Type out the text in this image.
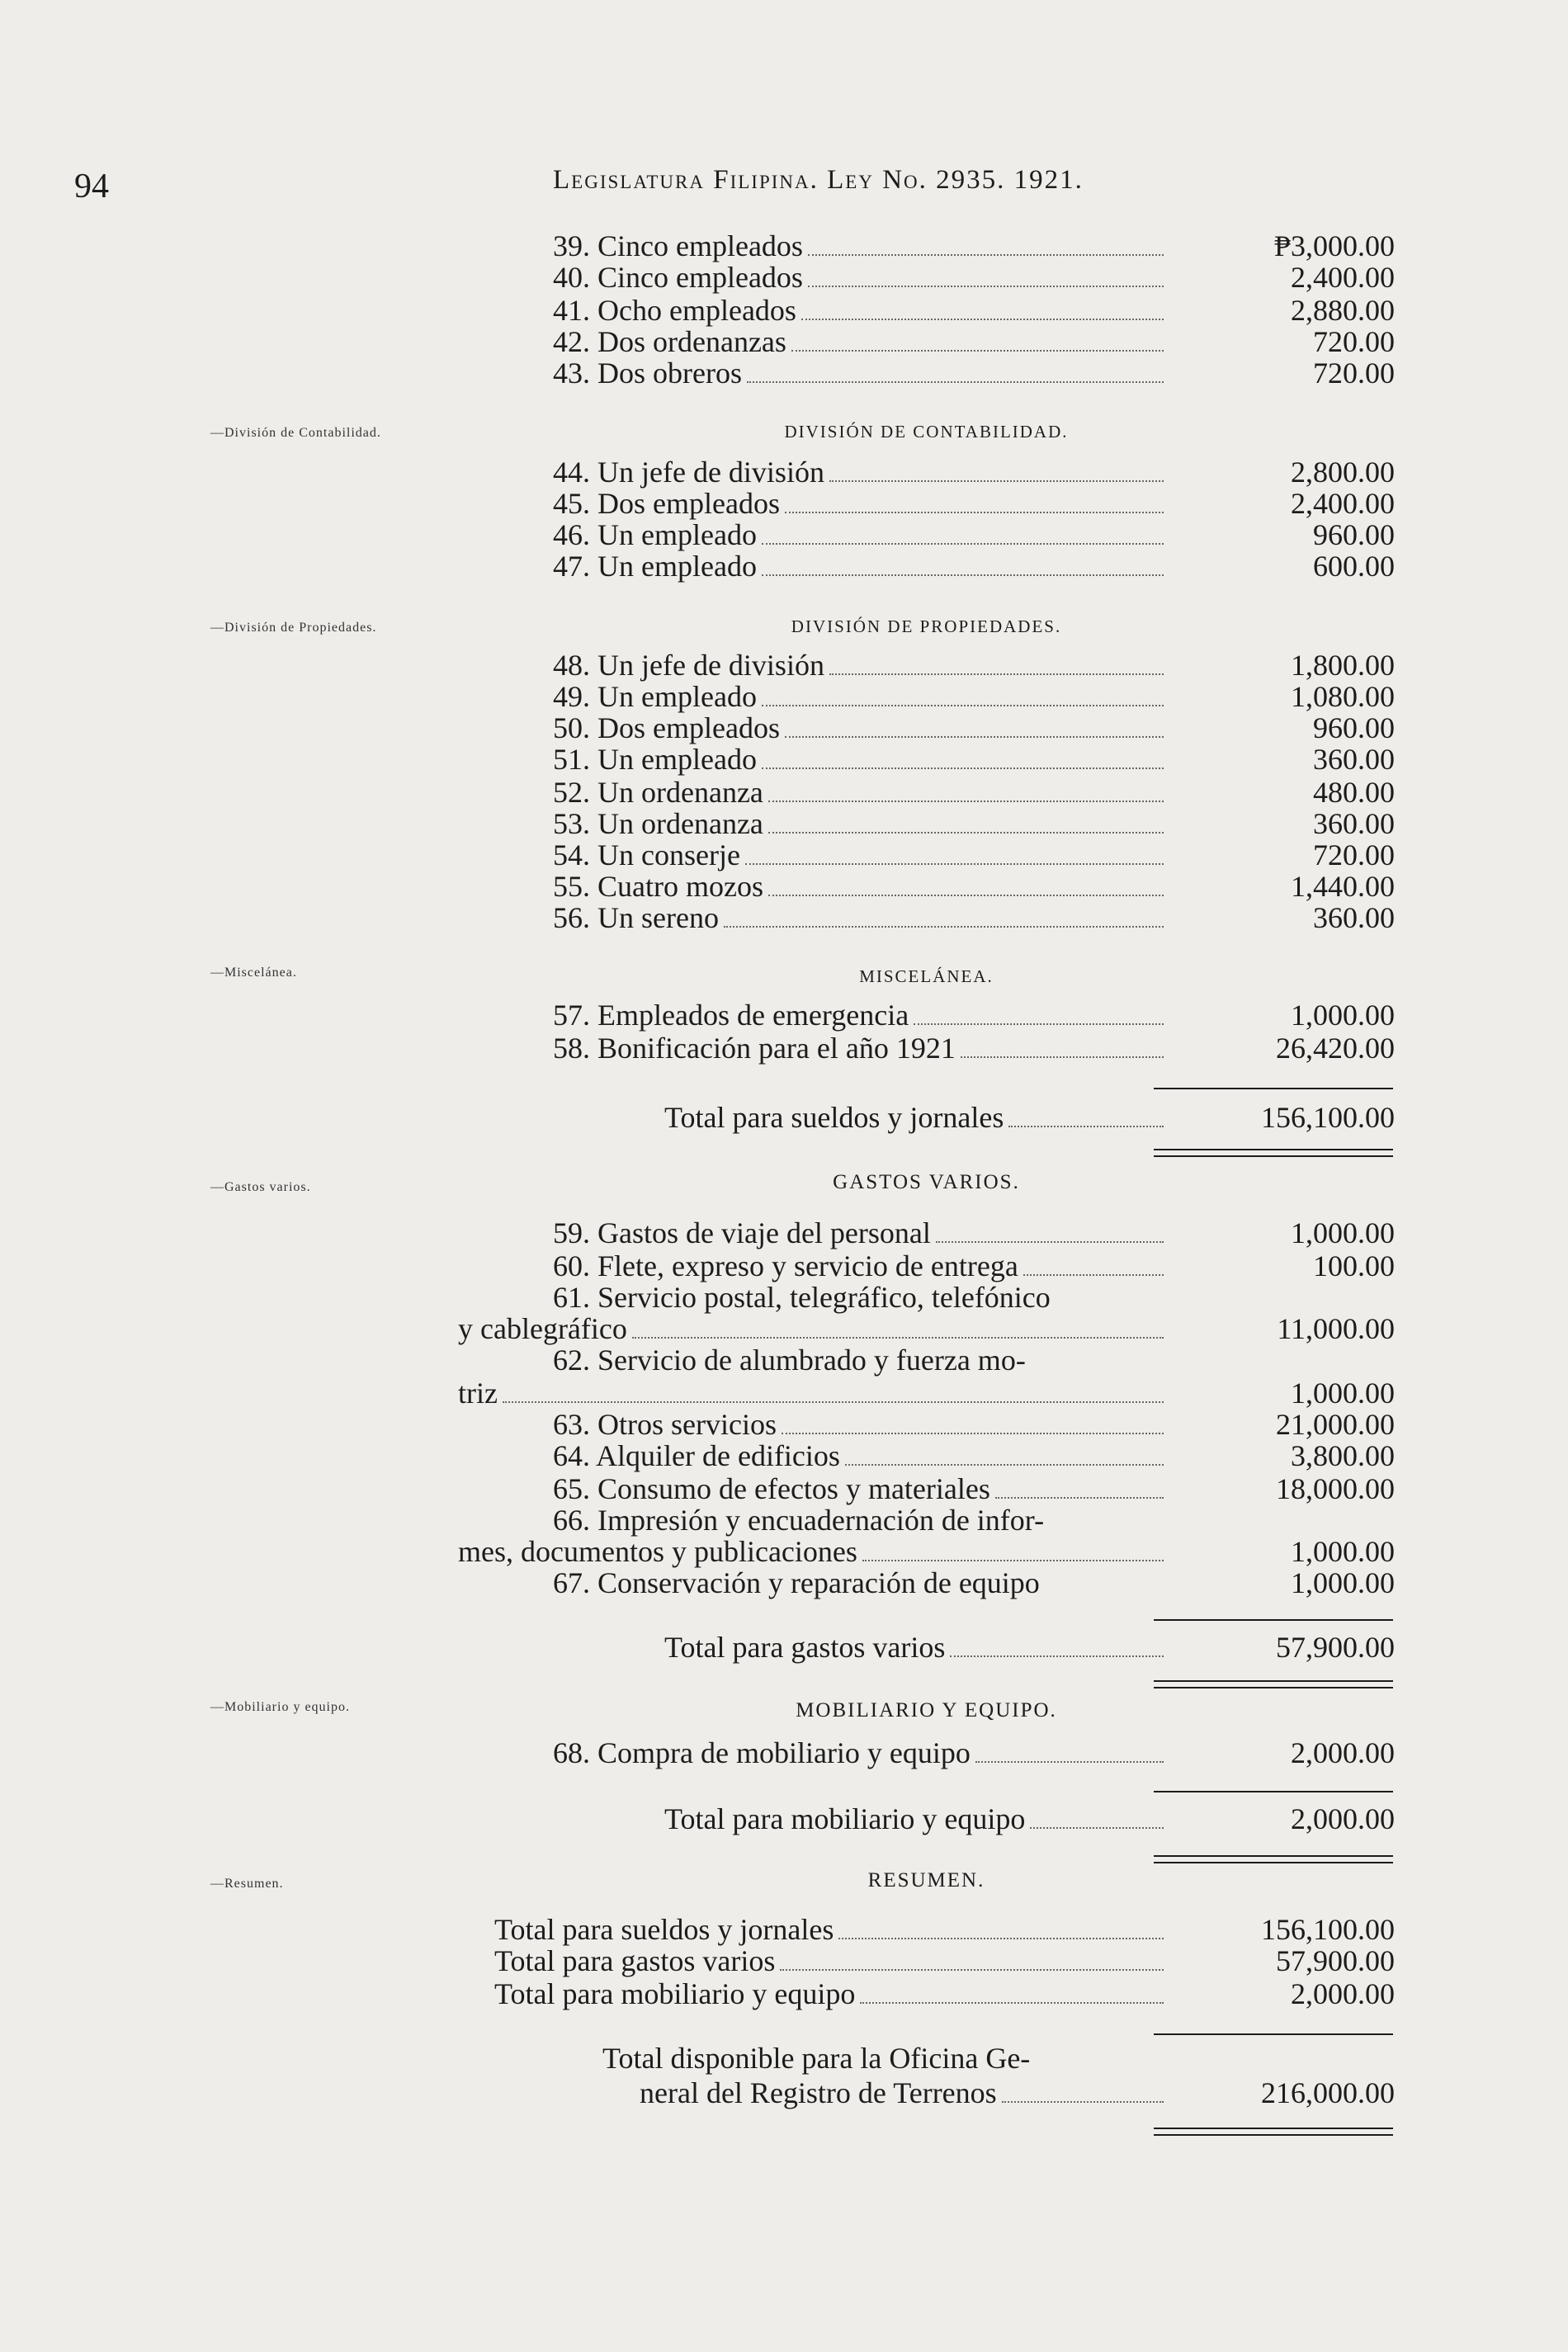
94	Legislatura Filipina. Ley No. 2935. 1921.
—División de Contabilidad.
—División de Propiedades.
—Miscelánea.
—Gastos varios.
—Mobiliario y equipo.
—Resumen.
DIVISIÓN DE CONTABILIDAD.
DIVISIÓN DE PROPIEDADES.
MISCELÁNEA.
GASTOS VARIOS.
MOBILIARIO Y EQUIPO.
RESUMEN.
39. Cinco empleados	₱3,000.00
40. Cinco empleados	2,400.00
41. Ocho empleados	2,880.00
42. Dos ordenanzas	720.00
43. Dos obreros	720.00
44. Un jefe de división	2,800.00
45. Dos empleados	2,400.00
46. Un empleado	960.00
47. Un empleado	600.00
48. Un jefe de división	1,800.00
49. Un empleado	1,080.00
50. Dos empleados	960.00
51. Un empleado	360.00
52. Un ordenanza	480.00
53. Un ordenanza	360.00
54. Un conserje	720.00
55. Cuatro mozos	1,440.00
56. Un sereno	360.00
57. Empleados de emergencia	1,000.00
58. Bonificación para el año 1921	26,420.00
Total para sueldos y jornales	156,100.00
59. Gastos de viaje del personal	1,000.00
60. Flete, expreso y servicio de entrega	100.00
61. Servicio postal, telegráfico, telefónico
y cablegráfico	11,000.00
62. Servicio de alumbrado y fuerza mo-
triz	1,000.00
63. Otros servicios	21,000.00
64. Alquiler de edificios	3,800.00
65. Consumo de efectos y materiales	18,000.00
66. Impresión y encuadernación de infor-
mes, documentos y publicaciones	1,000.00
67. Conservación y reparación de equipo	1,000.00
Total para gastos varios	57,900.00
68. Compra de mobiliario y equipo	2,000.00
Total para mobiliario y equipo	2,000.00
Total para sueldos y jornales	156,100.00
Total para gastos varios	57,900.00
Total para mobiliario y equipo	2,000.00
Total disponible para la Oficina Ge-
neral del Registro de Terrenos	216,000.00
